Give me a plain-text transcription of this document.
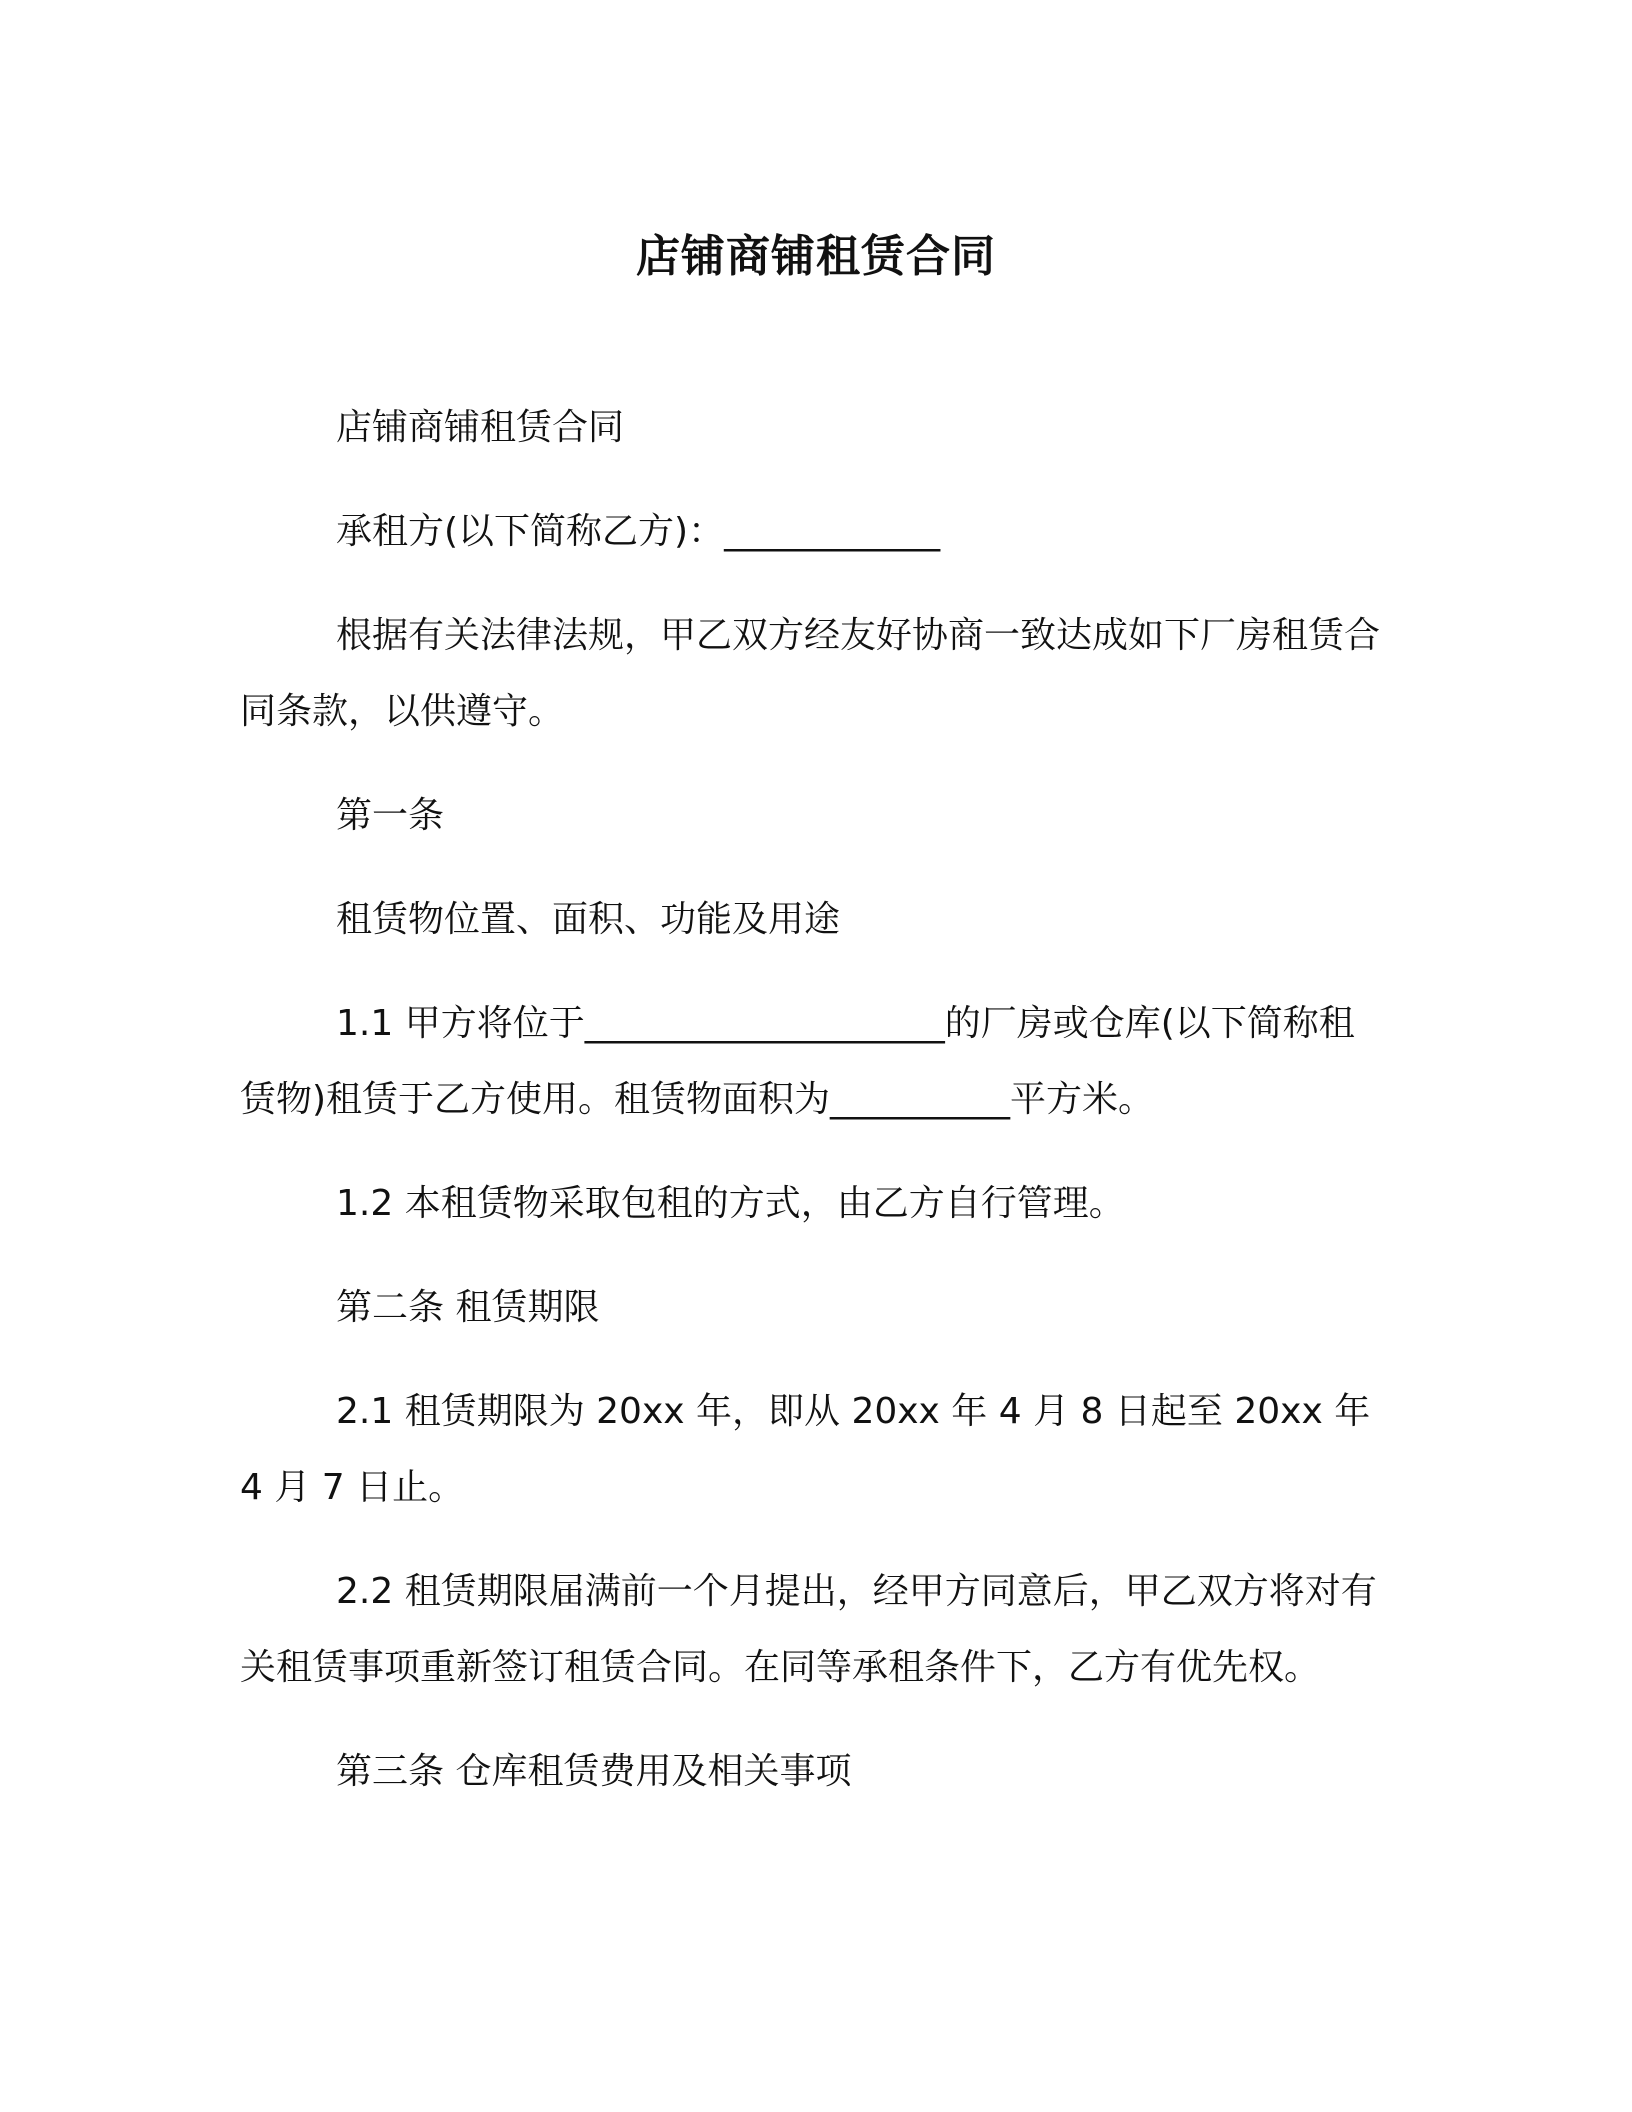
店铺商铺租赁合同

店铺商铺租赁合同

承租方(以下简称乙方)：____________

根据有关法律法规，甲乙双方经友好协商一致达成如下厂房租赁合同条款，以供遵守。

第一条

租赁物位置、面积、功能及用途

1.1 甲方将位于____________________的厂房或仓库(以下简称租赁物)租赁于乙方使用。租赁物面积为__________平方米。

1.2 本租赁物采取包租的方式，由乙方自行管理。

第二条 租赁期限

2.1 租赁期限为 20xx 年，即从 20xx 年 4 月 8 日起至 20xx 年 4 月 7 日止。

2.2 租赁期限届满前一个月提出，经甲方同意后，甲乙双方将对有关租赁事项重新签订租赁合同。在同等承租条件下，乙方有优先权。

第三条 仓库租赁费用及相关事项
